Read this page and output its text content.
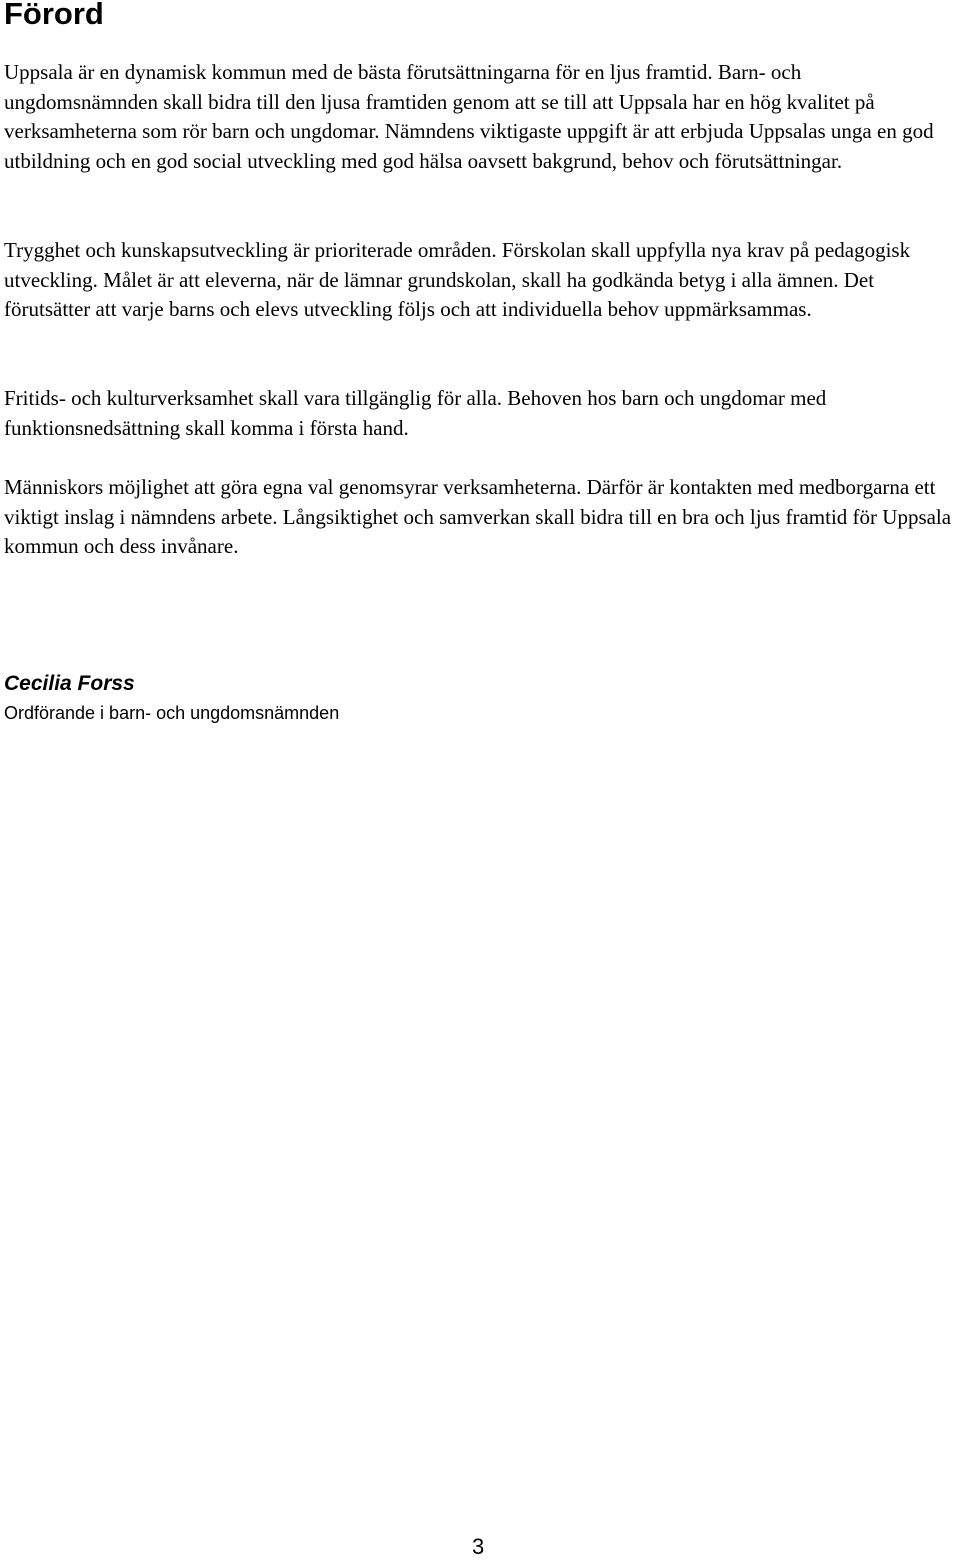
Förord

Uppsala är en dynamisk kommun med de bästa förutsättningarna för en ljus framtid. Barn- och ungdomsnämnden skall bidra till den ljusa framtiden genom att se till att Uppsala har en hög kvalitet på verksamheterna som rör barn och ungdomar. Nämndens viktigaste uppgift är att erbjuda Uppsalas unga en god utbildning och en god social utveckling med god hälsa oavsett bakgrund, behov och förutsättningar.

Trygghet och kunskapsutveckling är prioriterade områden. Förskolan skall uppfylla nya krav på pedagogisk utveckling. Målet är att eleverna, när de lämnar grundskolan, skall ha godkända betyg i alla ämnen. Det förutsätter att varje barns och elevs utveckling följs och att individuella behov uppmärksammas.

Fritids- och kulturverksamhet skall vara tillgänglig för alla. Behoven hos barn och ungdomar med funktionsnedsättning skall komma i första hand.

Människors möjlighet att göra egna val genomsyrar verksamheterna. Därför är kontakten med medborgarna ett viktigt inslag i nämndens arbete. Långsiktighet och samverkan skall bidra till en bra och ljus framtid för Uppsala kommun och dess invånare.

Cecilia Forss

Ordförande i barn- och ungdomsnämnden

3
